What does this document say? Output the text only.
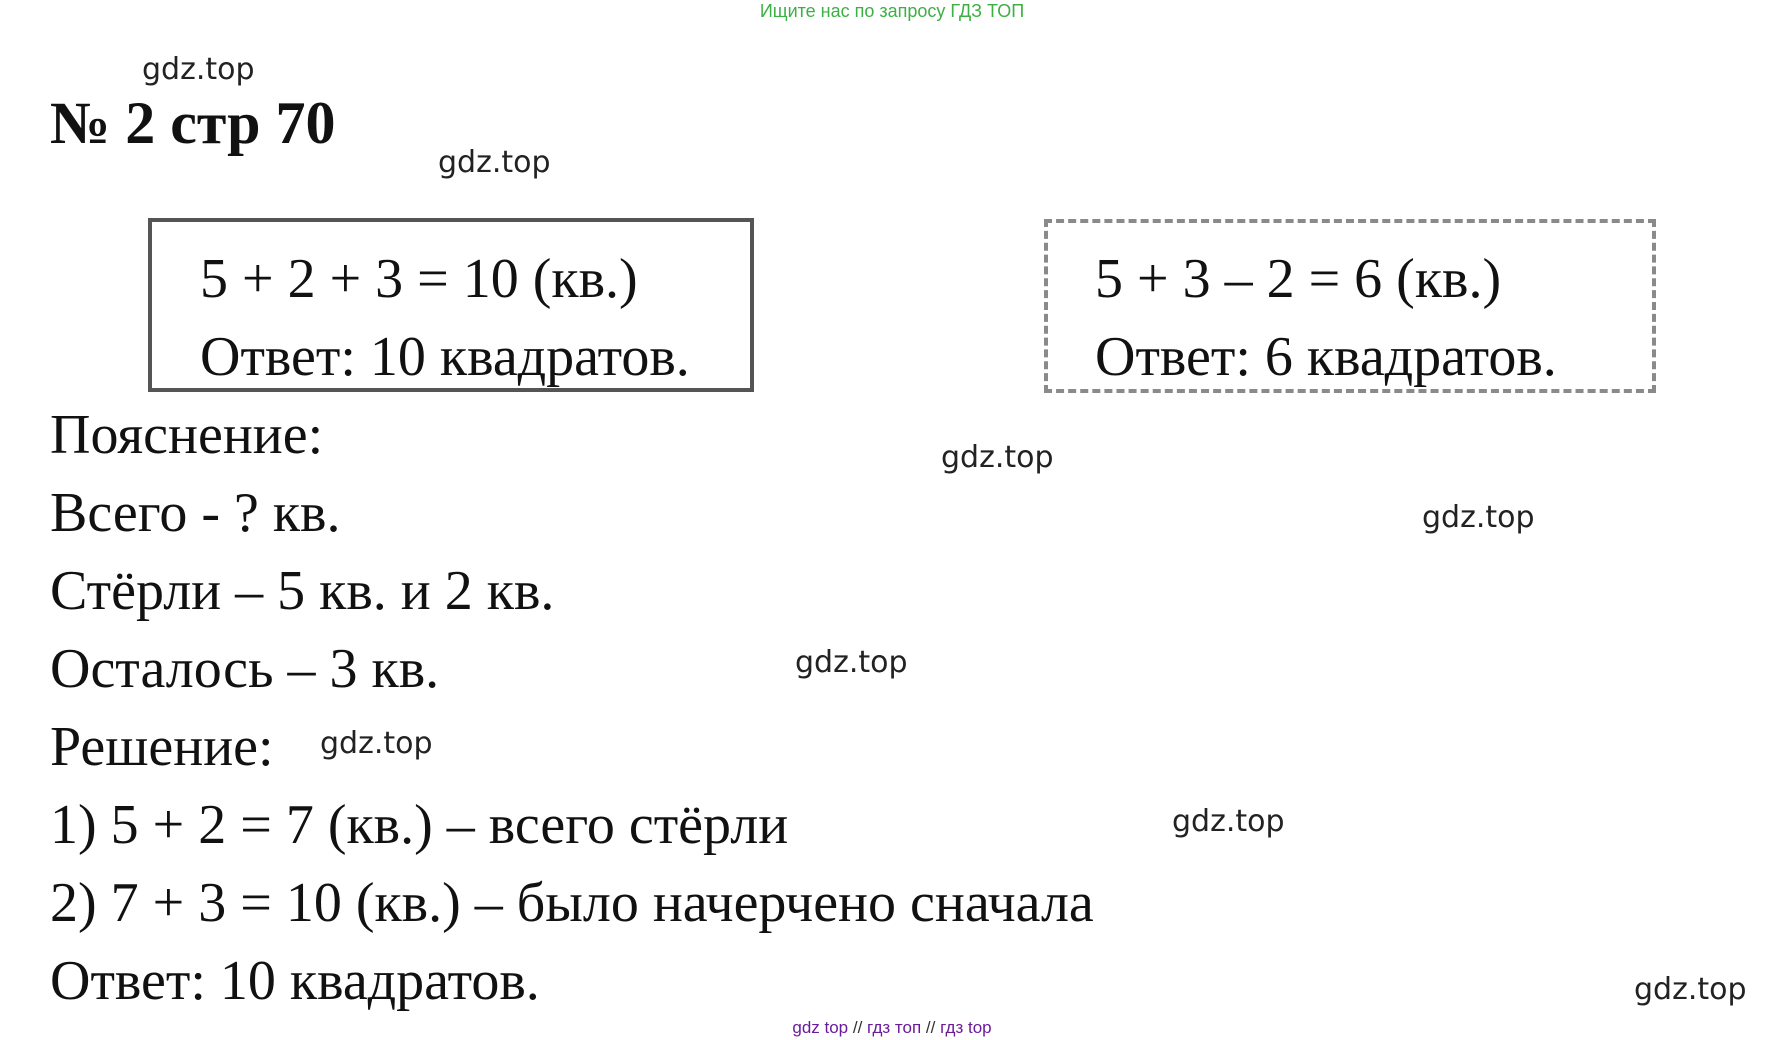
Ищите нас по запросу ГДЗ ТОП
№ 2 стр 70
gdz.top
gdz.top
gdz.top
gdz.top
gdz.top
gdz.top
gdz.top
gdz.top
5 + 2 + 3 = 10 (кв.)
Ответ: 10 квадратов.
5 + 3 – 2 = 6 (кв.)
Ответ: 6 квадратов.
Пояснение:
Всего - ? кв.
Стёрли – 5 кв. и 2 кв.
Осталось – 3 кв.
Решение:
1) 5 + 2 = 7 (кв.) – всего стёрли
2) 7 + 3 = 10 (кв.) – было начерчено сначала
Ответ: 10 квадратов.
gdz top // гдз топ // гдз top
